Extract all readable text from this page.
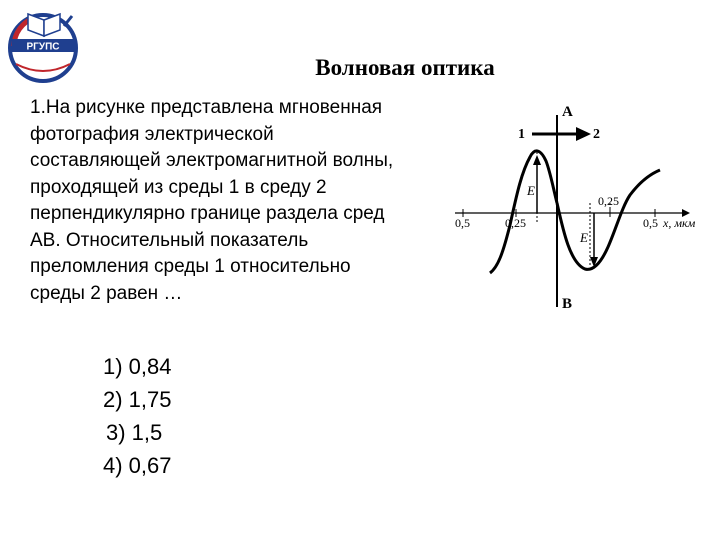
РГУПС
Волновая оптика
1.На рисунке представлена мгновенная
фотография электрической
составляющей электромагнитной волны,
проходящей из среды 1 в среду 2
перпендикулярно границе раздела сред
АВ. Относительный показатель
преломления среды 1 относительно
среды 2 равен …
1) 0,84
2) 1,75
3) 1,5
4) 0,67
A
B
1	2
0,5	0,25
0,25
0,5 x, мкм
E
E
